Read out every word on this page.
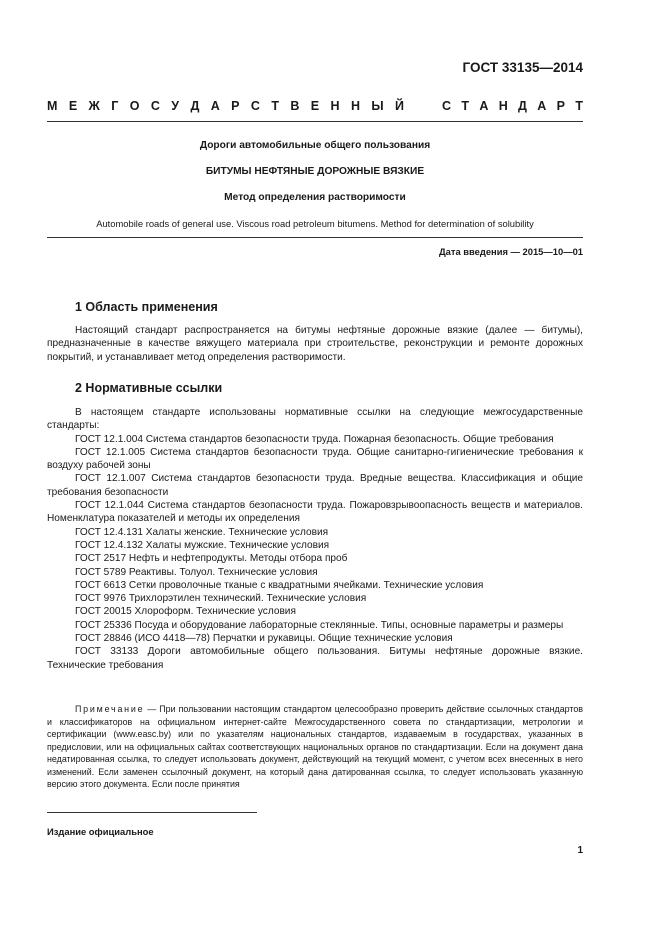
ГОСТ 33135—2014
М Е Ж Г О С У Д А Р С Т В Е Н Н Ы Й	С Т А Н Д А Р Т
Дороги автомобильные общего пользования
БИТУМЫ НЕФТЯНЫЕ ДОРОЖНЫЕ ВЯЗКИЕ
Метод определения растворимости
Automobile roads of general use. Viscous road petroleum bitumens. Method for determination of solubility
Дата введения — 2015—10—01
1 Область применения

Настоящий стандарт распространяется на битумы нефтяные дорожные вязкие (далее — битумы), предназначенные в качестве вяжущего материала при строительстве, реконструкции и ремонте дорожных покрытий, и устанавливает метод определения растворимости.

2 Нормативные ссылки

В настоящем стандарте использованы нормативные ссылки на следующие межгосударственные стандарты:

ГОСТ 12.1.004 Система стандартов безопасности труда. Пожарная безопасность. Общие требования

ГОСТ 12.1.005 Система стандартов безопасности труда. Общие санитарно-гигиенические требования к воздуху рабочей зоны

ГОСТ 12.1.007 Система стандартов безопасности труда. Вредные вещества. Классификация и общие требования безопасности

ГОСТ 12.1.044 Система стандартов безопасности труда. Пожаровзрывоопасность веществ и материалов. Номенклатура показателей и методы их определения

ГОСТ 12.4.131 Халаты женские. Технические условия

ГОСТ 12.4.132 Халаты мужские. Технические условия

ГОСТ 2517 Нефть и нефтепродукты. Методы отбора проб

ГОСТ 5789 Реактивы. Толуол. Технические условия

ГОСТ 6613 Сетки проволочные тканые с квадратными ячейками. Технические условия

ГОСТ 9976 Трихлорэтилен технический. Технические условия

ГОСТ 20015 Хлороформ. Технические условия

ГОСТ 25336 Посуда и оборудование лабораторные стеклянные. Типы, основные параметры и размеры

ГОСТ 28846 (ИСО 4418—78) Перчатки и рукавицы. Общие технические условия

ГОСТ 33133 Дороги автомобильные общего пользования. Битумы нефтяные дорожные вязкие. Технические требования

Примечание — При пользовании настоящим стандартом целесообразно проверить действие ссылочных стандартов и классификаторов на официальном интернет-сайте Межгосударственного совета по стандартизации, метрологии и сертификации (www.easc.by) или по указателям национальных стандартов, издаваемым в государствах, указанных в предисловии, или на официальных сайтах соответствующих национальных органов по стандартизации. Если на документ дана недатированная ссылка, то следует использовать документ, действующий на текущий момент, с учетом всех внесенных в него изменений. Если заменен ссылочный документ, на который дана датированная ссылка, то следует использовать указанную версию этого документа. Если после принятия
Издание официальное
1
